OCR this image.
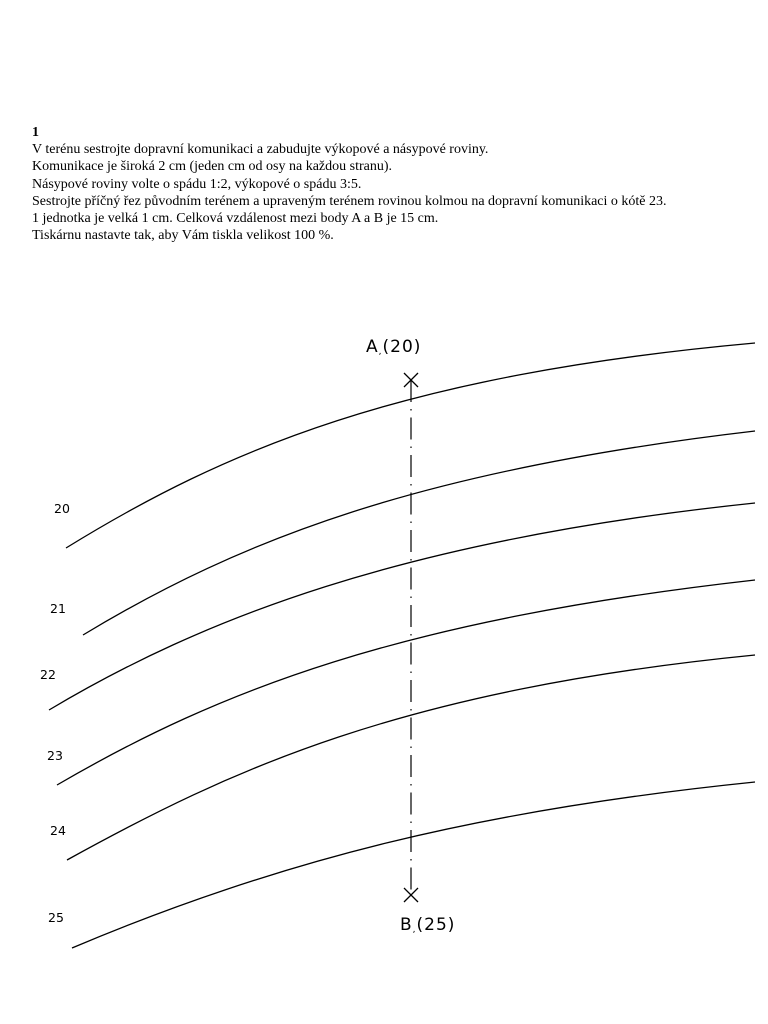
1
V terénu sestrojte dopravní komunikaci a zabudujte výkopové a násypové roviny.
Komunikace je široká 2 cm (jeden cm od osy na každou stranu).
Násypové roviny volte o spádu 1:2, výkopové o spádu 3:5.
Sestrojte příčný řez původním terénem a upraveným terénem rovinou kolmou na dopravní komunikaci o kótě 23.
1 jednotka je velká 1 cm. Celková vzdálenost mezi body A a B je 15 cm.
Tiskárnu nastavte tak, aby Vám tiskla velikost 100 %.
A,(20)
B,(25)
20
21
22
23
24
25
